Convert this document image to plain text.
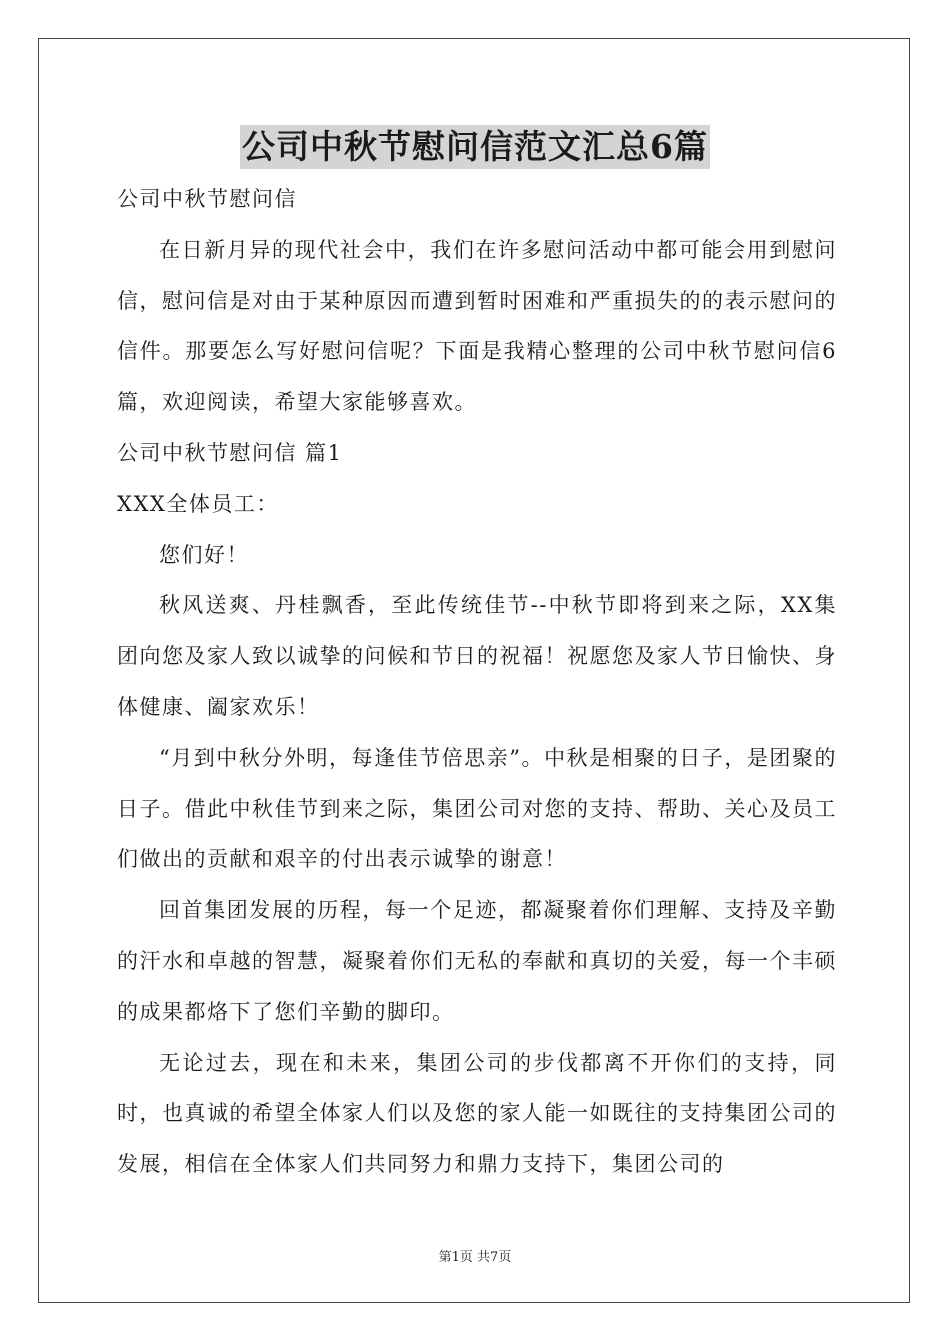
公司中秋节慰问信范文汇总6篇
公司中秋节慰问信

在日新月异的现代社会中，我们在许多慰问活动中都可能会用到慰问信，慰问信是对由于某种原因而遭到暂时困难和严重损失的的表示慰问的信件。那要怎么写好慰问信呢？下面是我精心整理的公司中秋节慰问信6篇，欢迎阅读，希望大家能够喜欢。

公司中秋节慰问信 篇1
XXX全体员工：
您们好！

秋风送爽、丹桂飘香，至此传统佳节--中秋节即将到来之际，XX集团向您及家人致以诚挚的问候和节日的祝福！祝愿您及家人节日愉快、身体健康、阖家欢乐！

“月到中秋分外明，每逢佳节倍思亲”。中秋是相聚的日子，是团聚的日子。借此中秋佳节到来之际，集团公司对您的支持、帮助、关心及员工们做出的贡献和艰辛的付出表示诚挚的谢意！

回首集团发展的历程，每一个足迹，都凝聚着你们理解、支持及辛勤的汗水和卓越的智慧，凝聚着你们无私的奉献和真切的关爱，每一个丰硕的成果都烙下了您们辛勤的脚印。

无论过去，现在和未来，集团公司的步伐都离不开你们的支持，同时，也真诚的希望全体家人们以及您的家人能一如既往的支持集团公司的发展，相信在全体家人们共同努力和鼎力支持下，集团公司的

第1页 共7页
